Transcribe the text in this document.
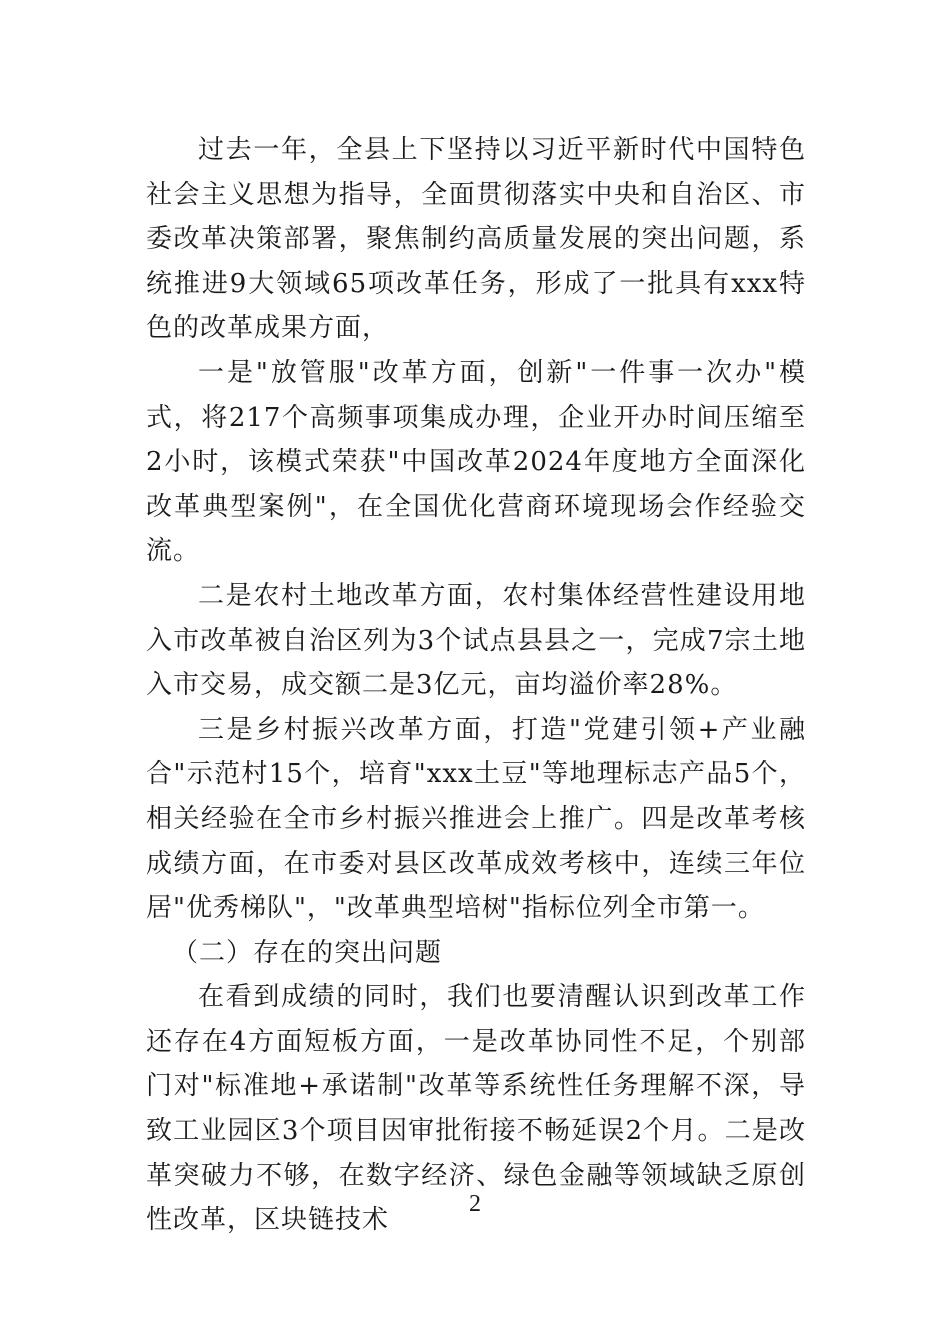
过去一年，全县上下坚持以习近平新时代中国特色社会主义思想为指导，全面贯彻落实中央和自治区、市委改革决策部署，聚焦制约高质量发展的突出问题，系统推进9大领域65项改革任务，形成了一批具有xxx特色的改革成果方面，

一是"放管服"改革方面，创新"一件事一次办"模式，将217个高频事项集成办理，企业开办时间压缩至2小时，该模式荣获"中国改革2024年度地方全面深化改革典型案例"，在全国优化营商环境现场会作经验交流。

二是农村土地改革方面，农村集体经营性建设用地入市改革被自治区列为3个试点县县之一，完成7宗土地入市交易，成交额二是3亿元，亩均溢价率28%。

三是乡村振兴改革方面，打造"党建引领+产业融合"示范村15个，培育"xxx土豆"等地理标志产品5个，相关经验在全市乡村振兴推进会上推广。四是改革考核成绩方面，在市委对县区改革成效考核中，连续三年位居"优秀梯队"，"改革典型培树"指标位列全市第一。

（二）存在的突出问题

在看到成绩的同时，我们也要清醒认识到改革工作还存在4方面短板方面，一是改革协同性不足，个别部门对"标准地+承诺制"改革等系统性任务理解不深，导致工业园区3个项目因审批衔接不畅延误2个月。二是改革突破力不够，在数字经济、绿色金融等领域缺乏原创性改革，区块链技术

2
